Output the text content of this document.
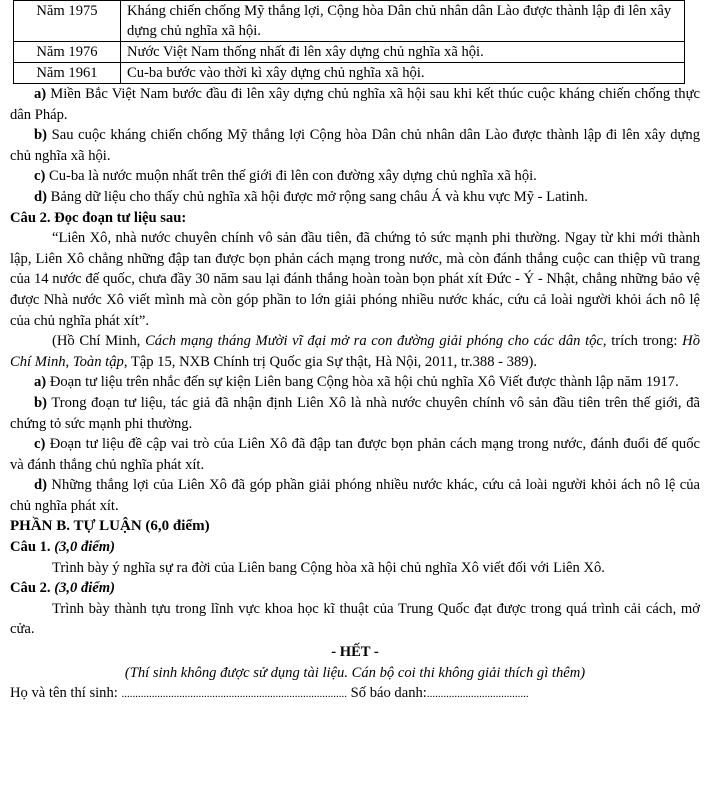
Năm 1975	Kháng chiến chống Mỹ thắng lợi, Cộng hòa Dân chủ nhân dân Lào được thành lập đi lên xây dựng chủ nghĩa xã hội.
Năm 1976	Nước Việt Nam thống nhất đi lên xây dựng chủ nghĩa xã hội.
Năm 1961	Cu-ba bước vào thời kì xây dựng chủ nghĩa xã hội.

a) Miền Bắc Việt Nam bước đầu đi lên xây dựng chủ nghĩa xã hội sau khi kết thúc cuộc kháng chiến chống thực dân Pháp.

b) Sau cuộc kháng chiến chống Mỹ thắng lợi Cộng hòa Dân chủ nhân dân Lào được thành lập đi lên xây dựng chủ nghĩa xã hội.

c) Cu-ba là nước muộn nhất trên thế giới đi lên con đường xây dựng chủ nghĩa xã hội.

d) Bảng dữ liệu cho thấy chủ nghĩa xã hội được mở rộng sang châu Á và khu vực Mỹ - Latinh.

Câu 2. Đọc đoạn tư liệu sau:

“Liên Xô, nhà nước chuyên chính vô sản đầu tiên, đã chứng tỏ sức mạnh phi thường. Ngay từ khi mới thành lập, Liên Xô chẳng những đập tan được bọn phản cách mạng trong nước, mà còn đánh thắng cuộc can thiệp vũ trang của 14 nước đế quốc, chưa đầy 30 năm sau lại đánh thắng hoàn toàn bọn phát xít Đức - Ý - Nhật, chẳng những bảo vệ được Nhà nước Xô viết mình mà còn góp phần to lớn giải phóng nhiều nước khác, cứu cả loài người khỏi ách nô lệ của chủ nghĩa phát xít”.

(Hồ Chí Minh, Cách mạng tháng Mười vĩ đại mở ra con đường giải phóng cho các dân tộc, trích trong: Hồ Chí Minh, Toàn tập, Tập 15, NXB Chính trị Quốc gia Sự thật, Hà Nội, 2011, tr.388 - 389).

a) Đoạn tư liệu trên nhắc đến sự kiện Liên bang Cộng hòa xã hội chủ nghĩa Xô Viết được thành lập năm 1917.

b) Trong đoạn tư liệu, tác giả đã nhận định Liên Xô là nhà nước chuyên chính vô sản đầu tiên trên thế giới, đã chứng tỏ sức mạnh phi thường.

c) Đoạn tư liệu đề cập vai trò của Liên Xô đã đập tan được bọn phản cách mạng trong nước, đánh đuổi đế quốc và đánh thắng chủ nghĩa phát xít.

d) Những thắng lợi của Liên Xô đã góp phần giải phóng nhiều nước khác, cứu cả loài người khỏi ách nô lệ của chủ nghĩa phát xít.

PHẦN B. TỰ LUẬN (6,0 điểm)

Câu 1. (3,0 điểm)

Trình bày ý nghĩa sự ra đời của Liên bang Cộng hòa xã hội chủ nghĩa Xô viết đối với Liên Xô.

Câu 2. (3,0 điểm)

Trình bày thành tựu trong lĩnh vực khoa học kĩ thuật của Trung Quốc đạt được trong quá trình cải cách, mở cửa.

- HẾT -

(Thí sinh không được sử dụng tài liệu. Cán bộ coi thi không giải thích gì thêm)

Họ và tên thí sinh: .................................................................................. Số báo danh:.....................................
